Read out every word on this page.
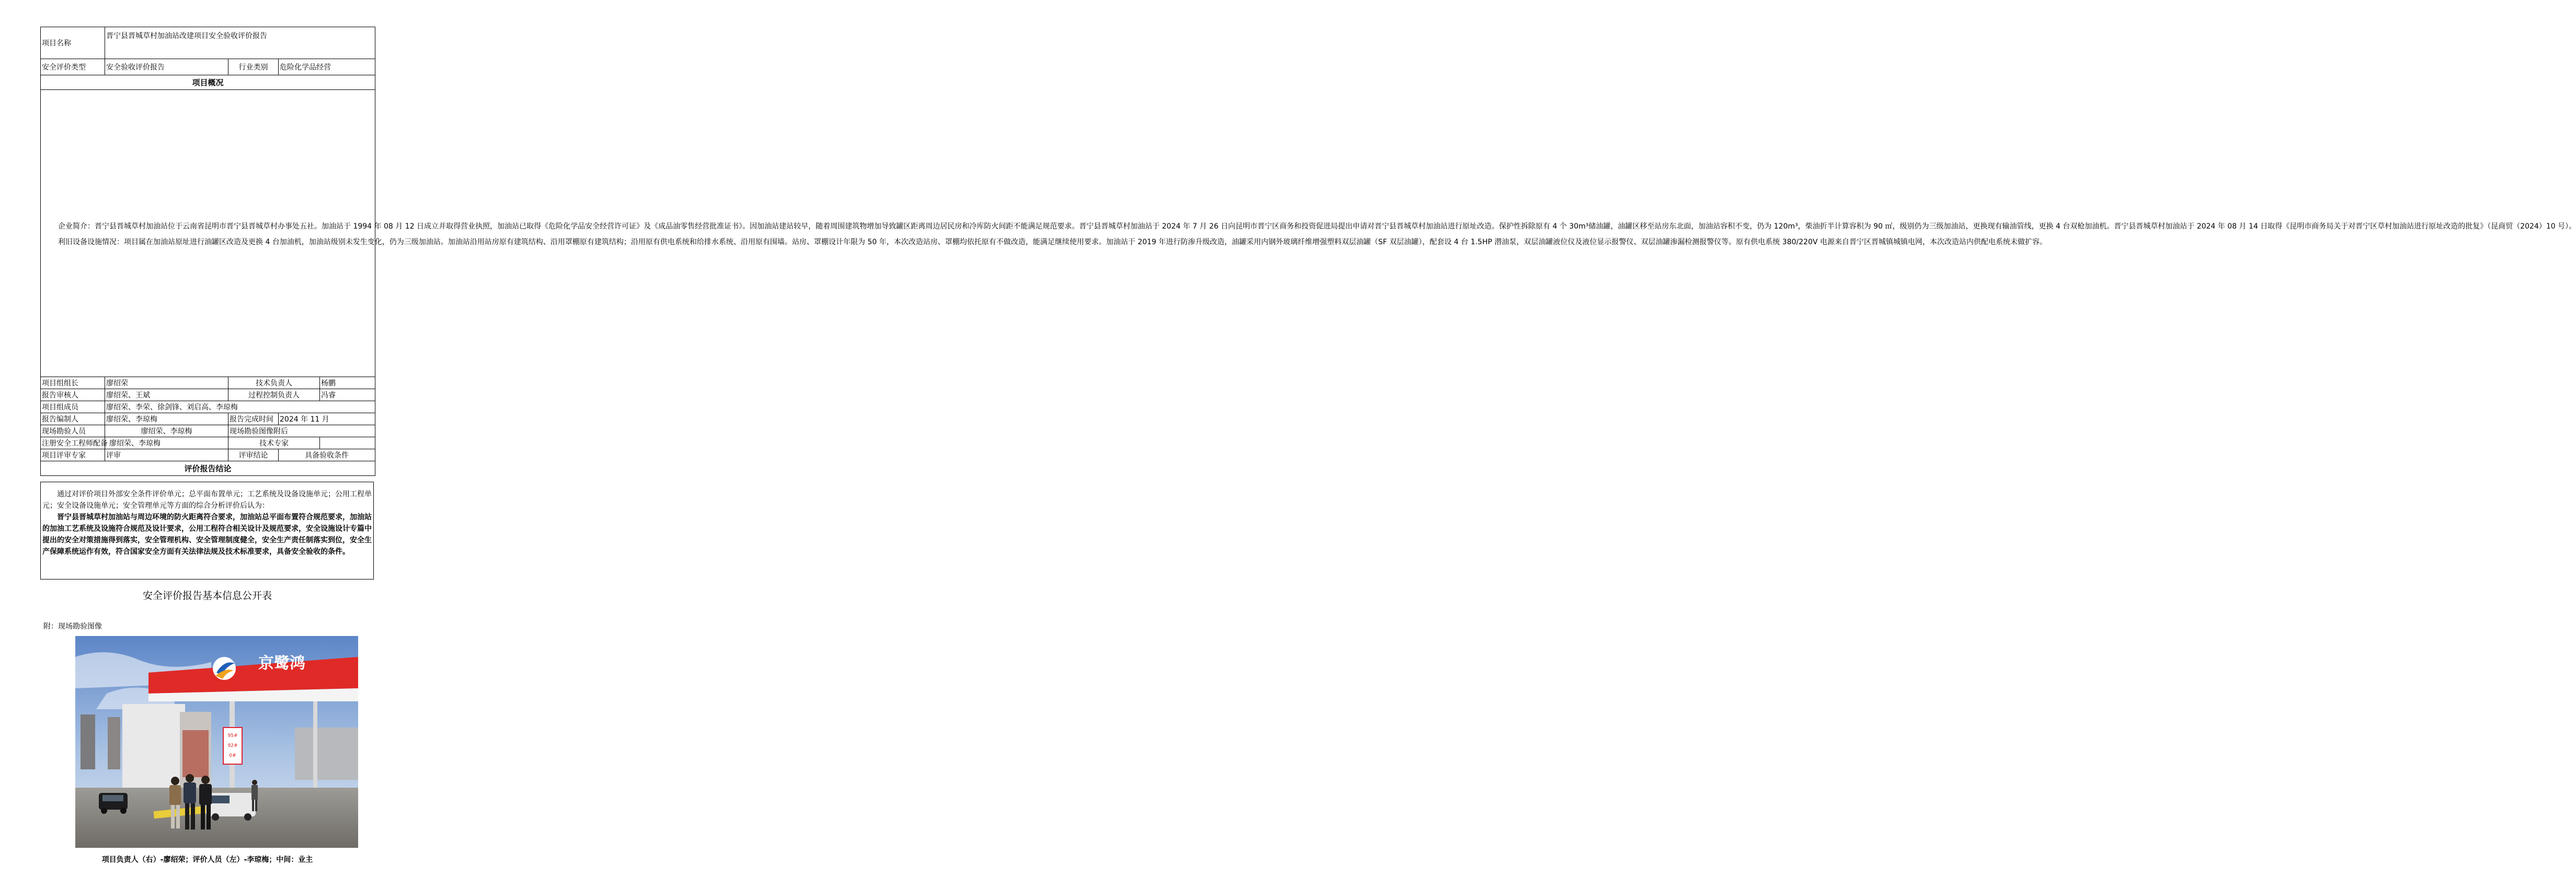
项目名称	晋宁县晋城草村加油站改建项目安全验收评价报告			
安全评价类型	安全验收评价报告	行业类别	危险化学品经营	
项目概况				

企业简介：晋宁县晋城草村加油站位于云南省昆明市晋宁县晋城草村办事处五社。加油站于 1994 年 08 月 12 日成立并取得营业执照，加油站已取得《危险化学品安全经营许可证》及《成品油零售经营批准证书》。因加油站建站较早，随着周围建筑物增加导致罐区距离周边居民房和冷库防火间距不能满足规范要求。晋宁县晋城草村加油站于 2024 年 7 月 26 日向昆明市晋宁区商务和投资促进局提出申请对晋宁县晋城草村加油站进行原址改造。保护性拆除原有 4 个 30m³储油罐，油罐区移至站房东北面，加油站容积不变，仍为 120m³，柴油折半计算容积为 90 ㎡，级别仍为三级加油站，更换现有输油管线，更换 4 台双枪加油机。晋宁县晋城草村加油站于 2024 年 08 月 14 日取得《昆明市商务局关于对晋宁区草村加油站进行原址改造的批复》（昆商贸（2024）10 号）。

利旧设备设施情况：项目属在加油站原址进行油罐区改造及更换 4 台加油机，加油站级别未发生变化，仍为三级加油站。加油站沿用站房原有建筑结构、沿用罩棚原有建筑结构；沿用原有供电系统和给排水系统、沿用原有围墙。站房、罩棚设计年限为 50 年，本次改造站房、罩棚均依托原有不做改造，能满足继续使用要求。加油站于 2019 年进行防渗升级改造，油罐采用内钢外玻璃纤维增强塑料双层油罐（SF 双层油罐），配套设 4 台 1.5HP 潜油泵，双层油罐液位仪及液位显示报警仪、双层油罐渗漏检测报警仪等。原有供电系统 380/220V 电源来自晋宁区晋城镇城镇电网，本次改造站内供配电系统未做扩容。				

项目组组长	廖绍荣	技术负责人		杨鹏
报告审核人	廖绍荣、王斌	过程控制负责人		冯睿
项目组成员	廖绍荣、李荣、徐剑锋、刘启高、李琼梅			
报告编制人	廖绍荣、李琼梅	报告完成时间	2024 年 11 月	
现场勘验人员	廖绍荣、李琼梅	现场勘验图像附后		
注册安全工程师配备	廖绍荣、李琼梅	技术专家		
项目评审专家	评审	评审结论	具备验收条件	
评价报告结论				

通过对评价项目外部安全条件评价单元；总平面布置单元；工艺系统及设备设施单元；公用工程单元；安全设备设施单元；安全管理单元等方面的综合分析评价后认为：

晋宁县晋城草村加油站与周边环境的防火距离符合要求，加油站总平面布置符合规范要求，加油站的加油工艺系统及设施符合规范及设计要求，公用工程符合相关设计及规范要求，安全设施设计专篇中提出的安全对策措施得到落实，安全管理机构、安全管理制度健全，安全生产责任制落实到位，安全生产保障系统运作有效，符合国家安全方面有关法律法规及技术标准要求，具备安全验收的条件。

安全评价报告基本信息公开表
附：现场勘验图像
京鹭鸿
95#
92#
0#
项目负责人（右）-廖绍荣；评价人员（左）-李琼梅；中间：业主
